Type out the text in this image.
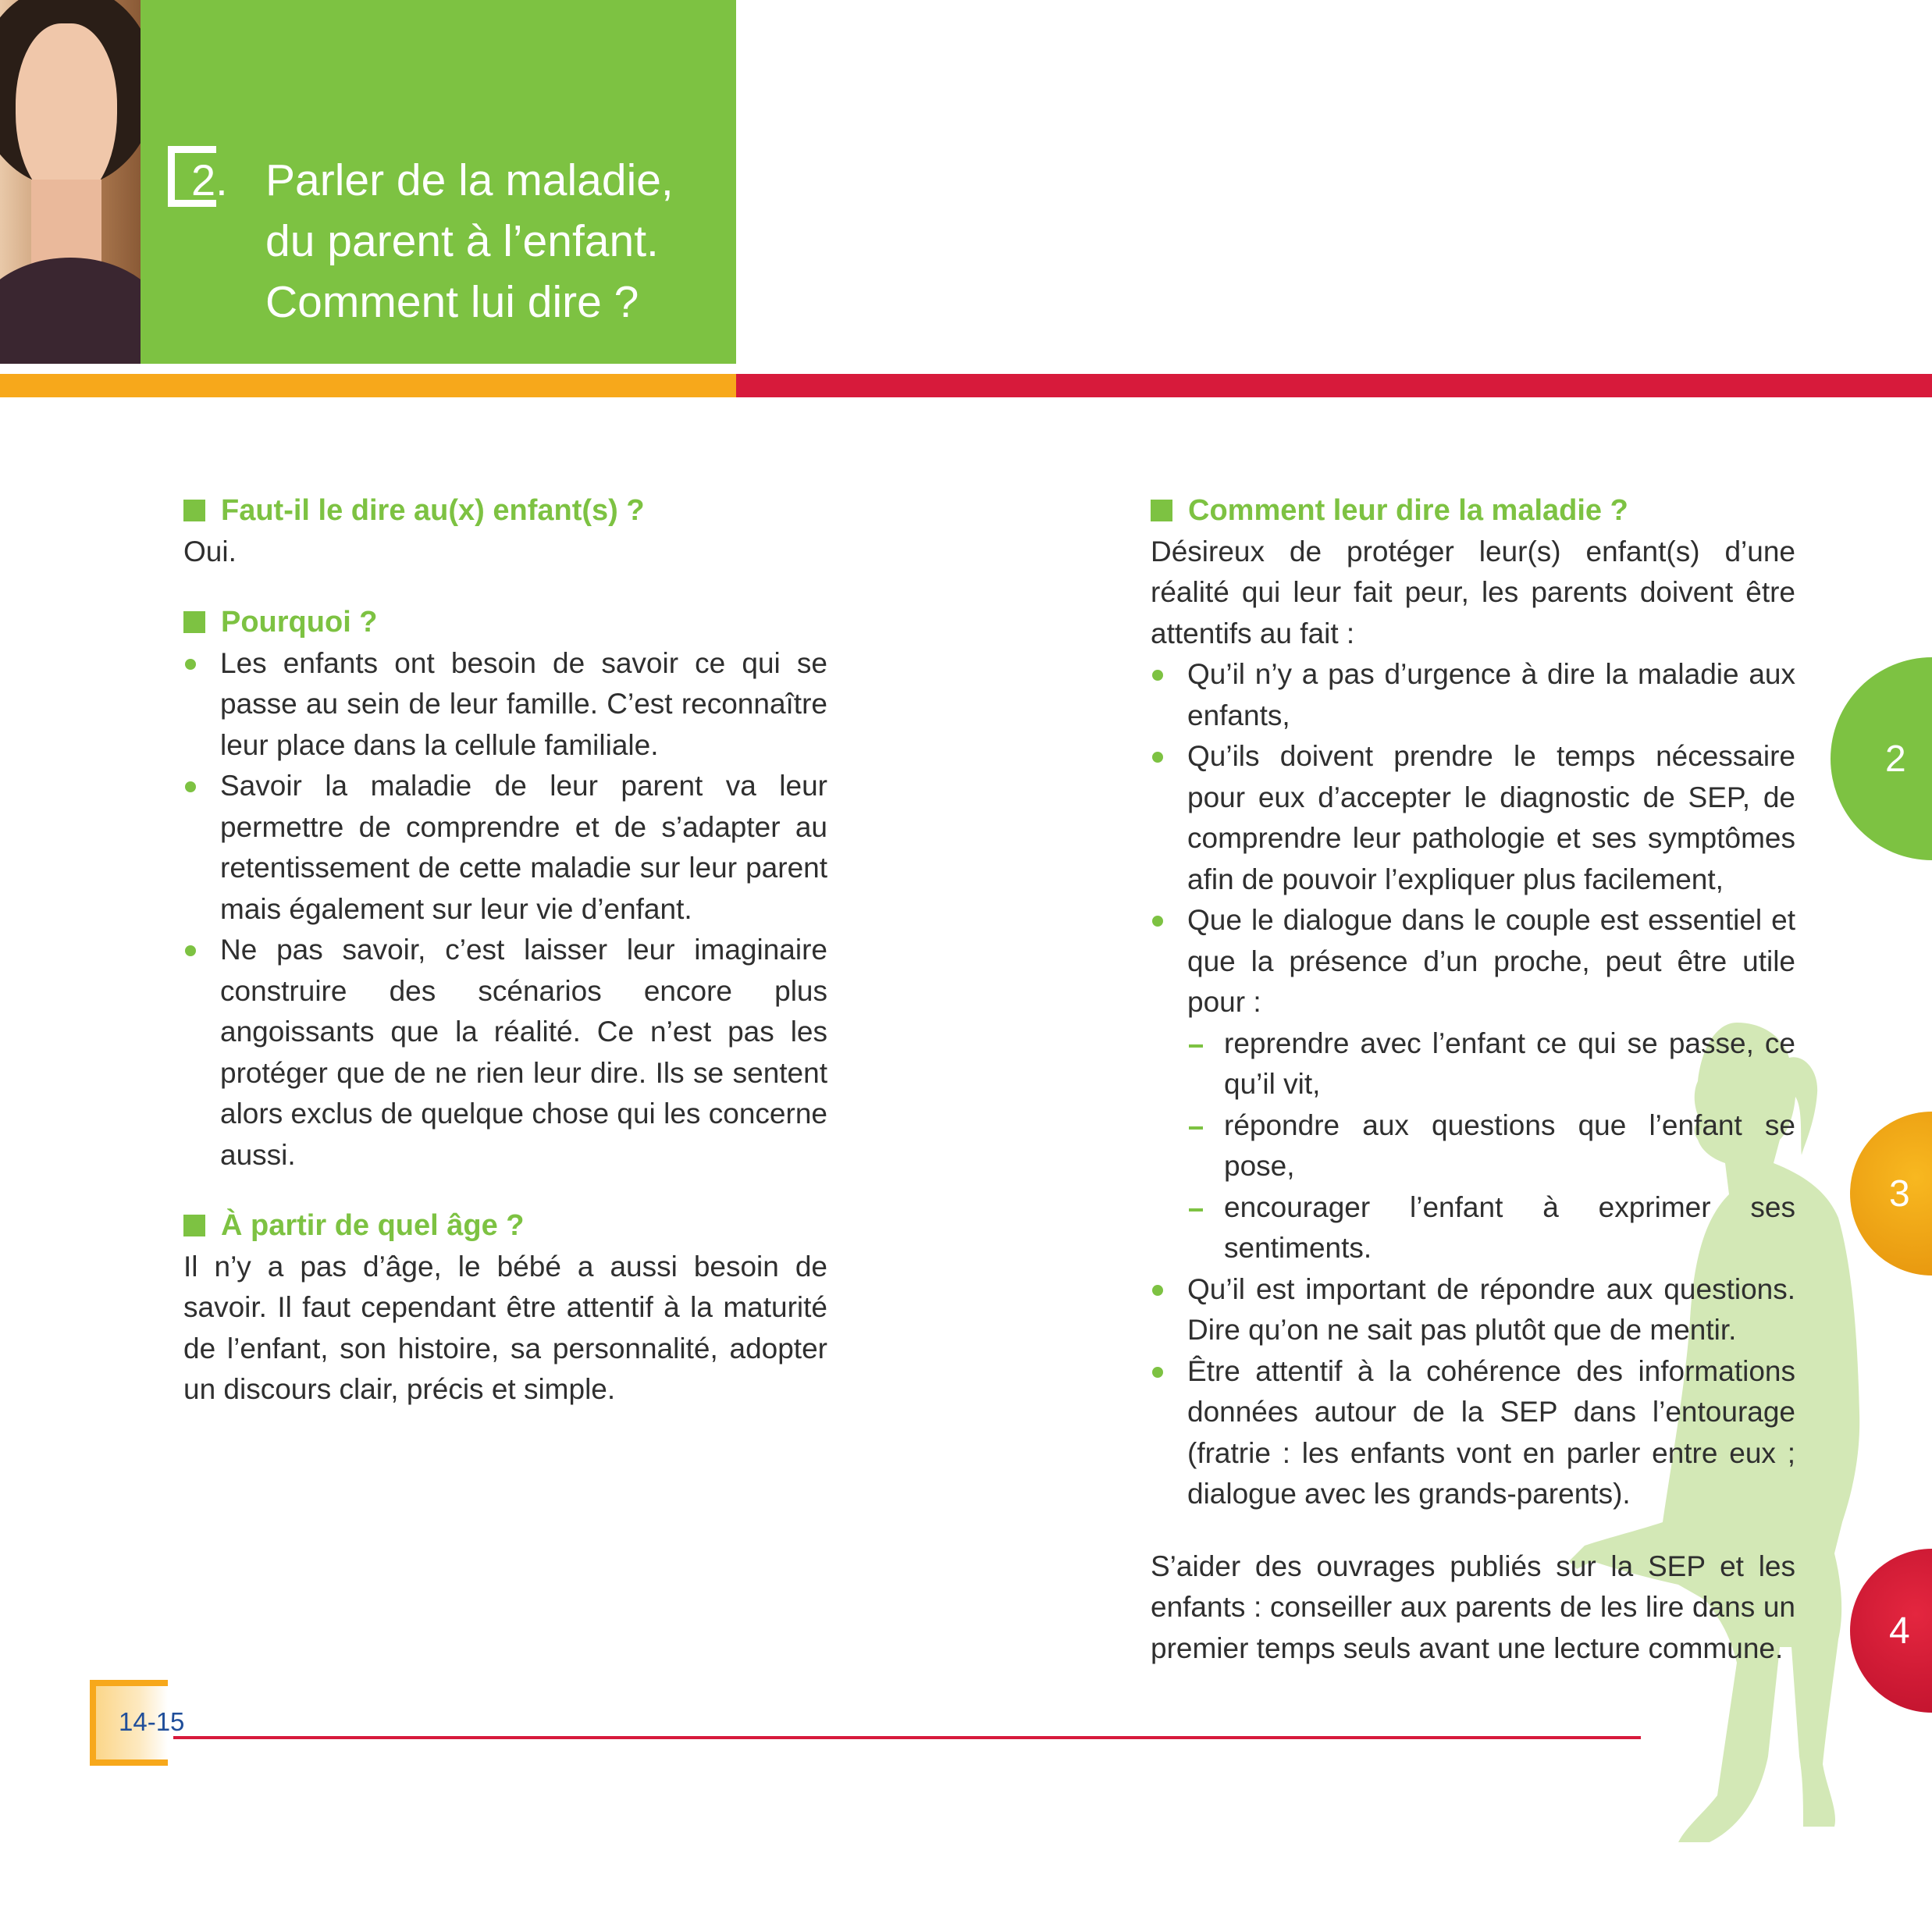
2. Parler de la maladie,
du parent à l’enfant.
Comment lui dire ?
Faut-il le dire au(x) enfant(s) ?

Oui.

Pourquoi ?
Les enfants ont besoin de savoir ce qui se passe au sein de leur famille. C’est reconnaître leur place dans la cellule familiale.
Savoir la maladie de leur parent va leur permettre de comprendre et de s’adapter au retentissement de cette maladie sur leur parent mais également sur leur vie d’enfant.
Ne pas savoir, c’est laisser leur imaginaire construire des scénarios encore plus angoissants que la réalité. Ce n’est pas les protéger que de ne rien leur dire. Ils se sentent alors exclus de quelque chose qui les concerne aussi.
À partir de quel âge ?

Il n’y a pas d’âge, le bébé a aussi besoin de savoir. Il faut cependant être attentif à la maturité de l’enfant, son histoire, sa personnalité, adopter un discours clair, précis et simple.

Comment leur dire la maladie ?

Désireux de protéger leur(s) enfant(s) d’une réalité qui leur fait peur, les parents doivent être attentifs au fait :

Qu’il n’y a pas d’urgence à dire la maladie aux enfants,
Qu’ils doivent prendre le temps nécessaire pour eux d’accepter le diagnostic de SEP, de comprendre leur pathologie et ses symptômes afin de pouvoir l’expliquer plus facilement,
Que le dialogue dans le couple est essentiel et que la présence d’un proche, peut être utile pour :
reprendre avec l’enfant ce qui se passe, ce qu’il vit,
répondre aux questions que l’enfant se pose,
encourager l’enfant à exprimer ses sentiments.
Qu’il est important de répondre aux questions. Dire qu’on ne sait pas plutôt que de mentir.
Être attentif à la cohérence des informations données autour de la SEP dans l’entourage (fratrie : les enfants vont en parler entre eux ; dialogue avec les grands-parents).

S’aider des ouvrages publiés sur la SEP et les enfants : conseiller aux parents de les lire dans un premier temps seuls avant une lecture commune.

2
3
4
14-15
